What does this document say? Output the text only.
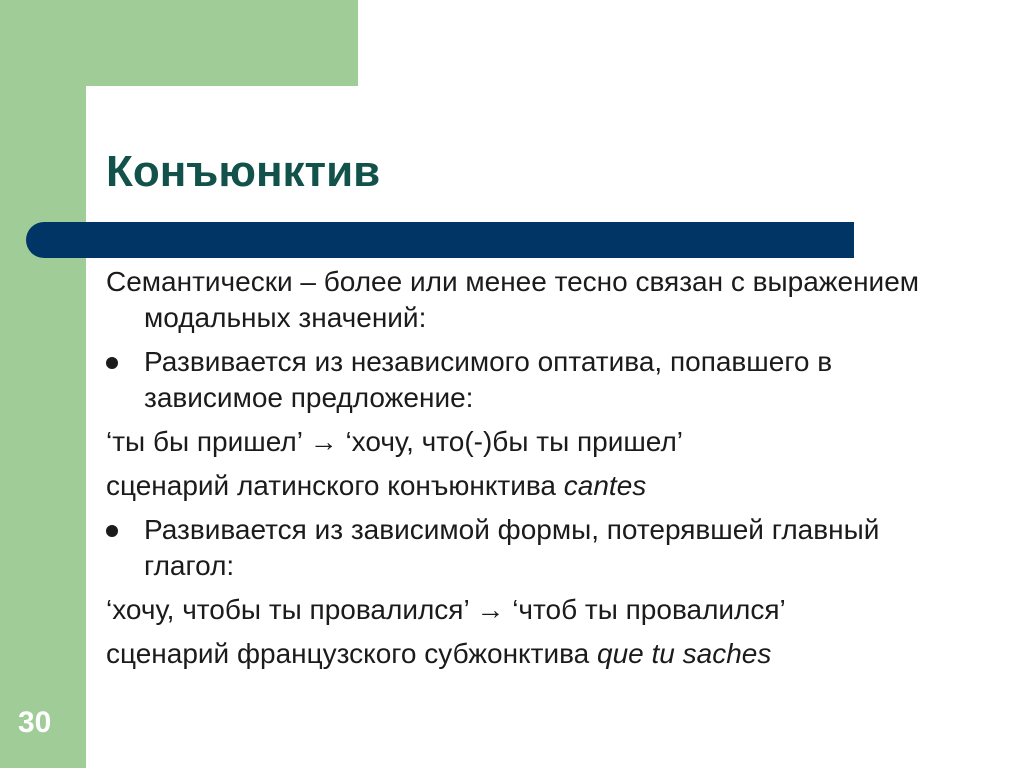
Конъюнктив

Семантически – более или менее тесно связан с выражением модальных значений:

Развивается из независимого оптатива, попавшего в зависимое предложение:

‘ты бы пришел’ → ‘хочу, что(-)бы ты пришел’

сценарий латинского конъюнктива cantes

Развивается из зависимой формы, потерявшей главный глагол:

‘хочу, чтобы ты провалился’ → ‘чтоб ты провалился’

сценарий французского субжонктива que tu saches

30
